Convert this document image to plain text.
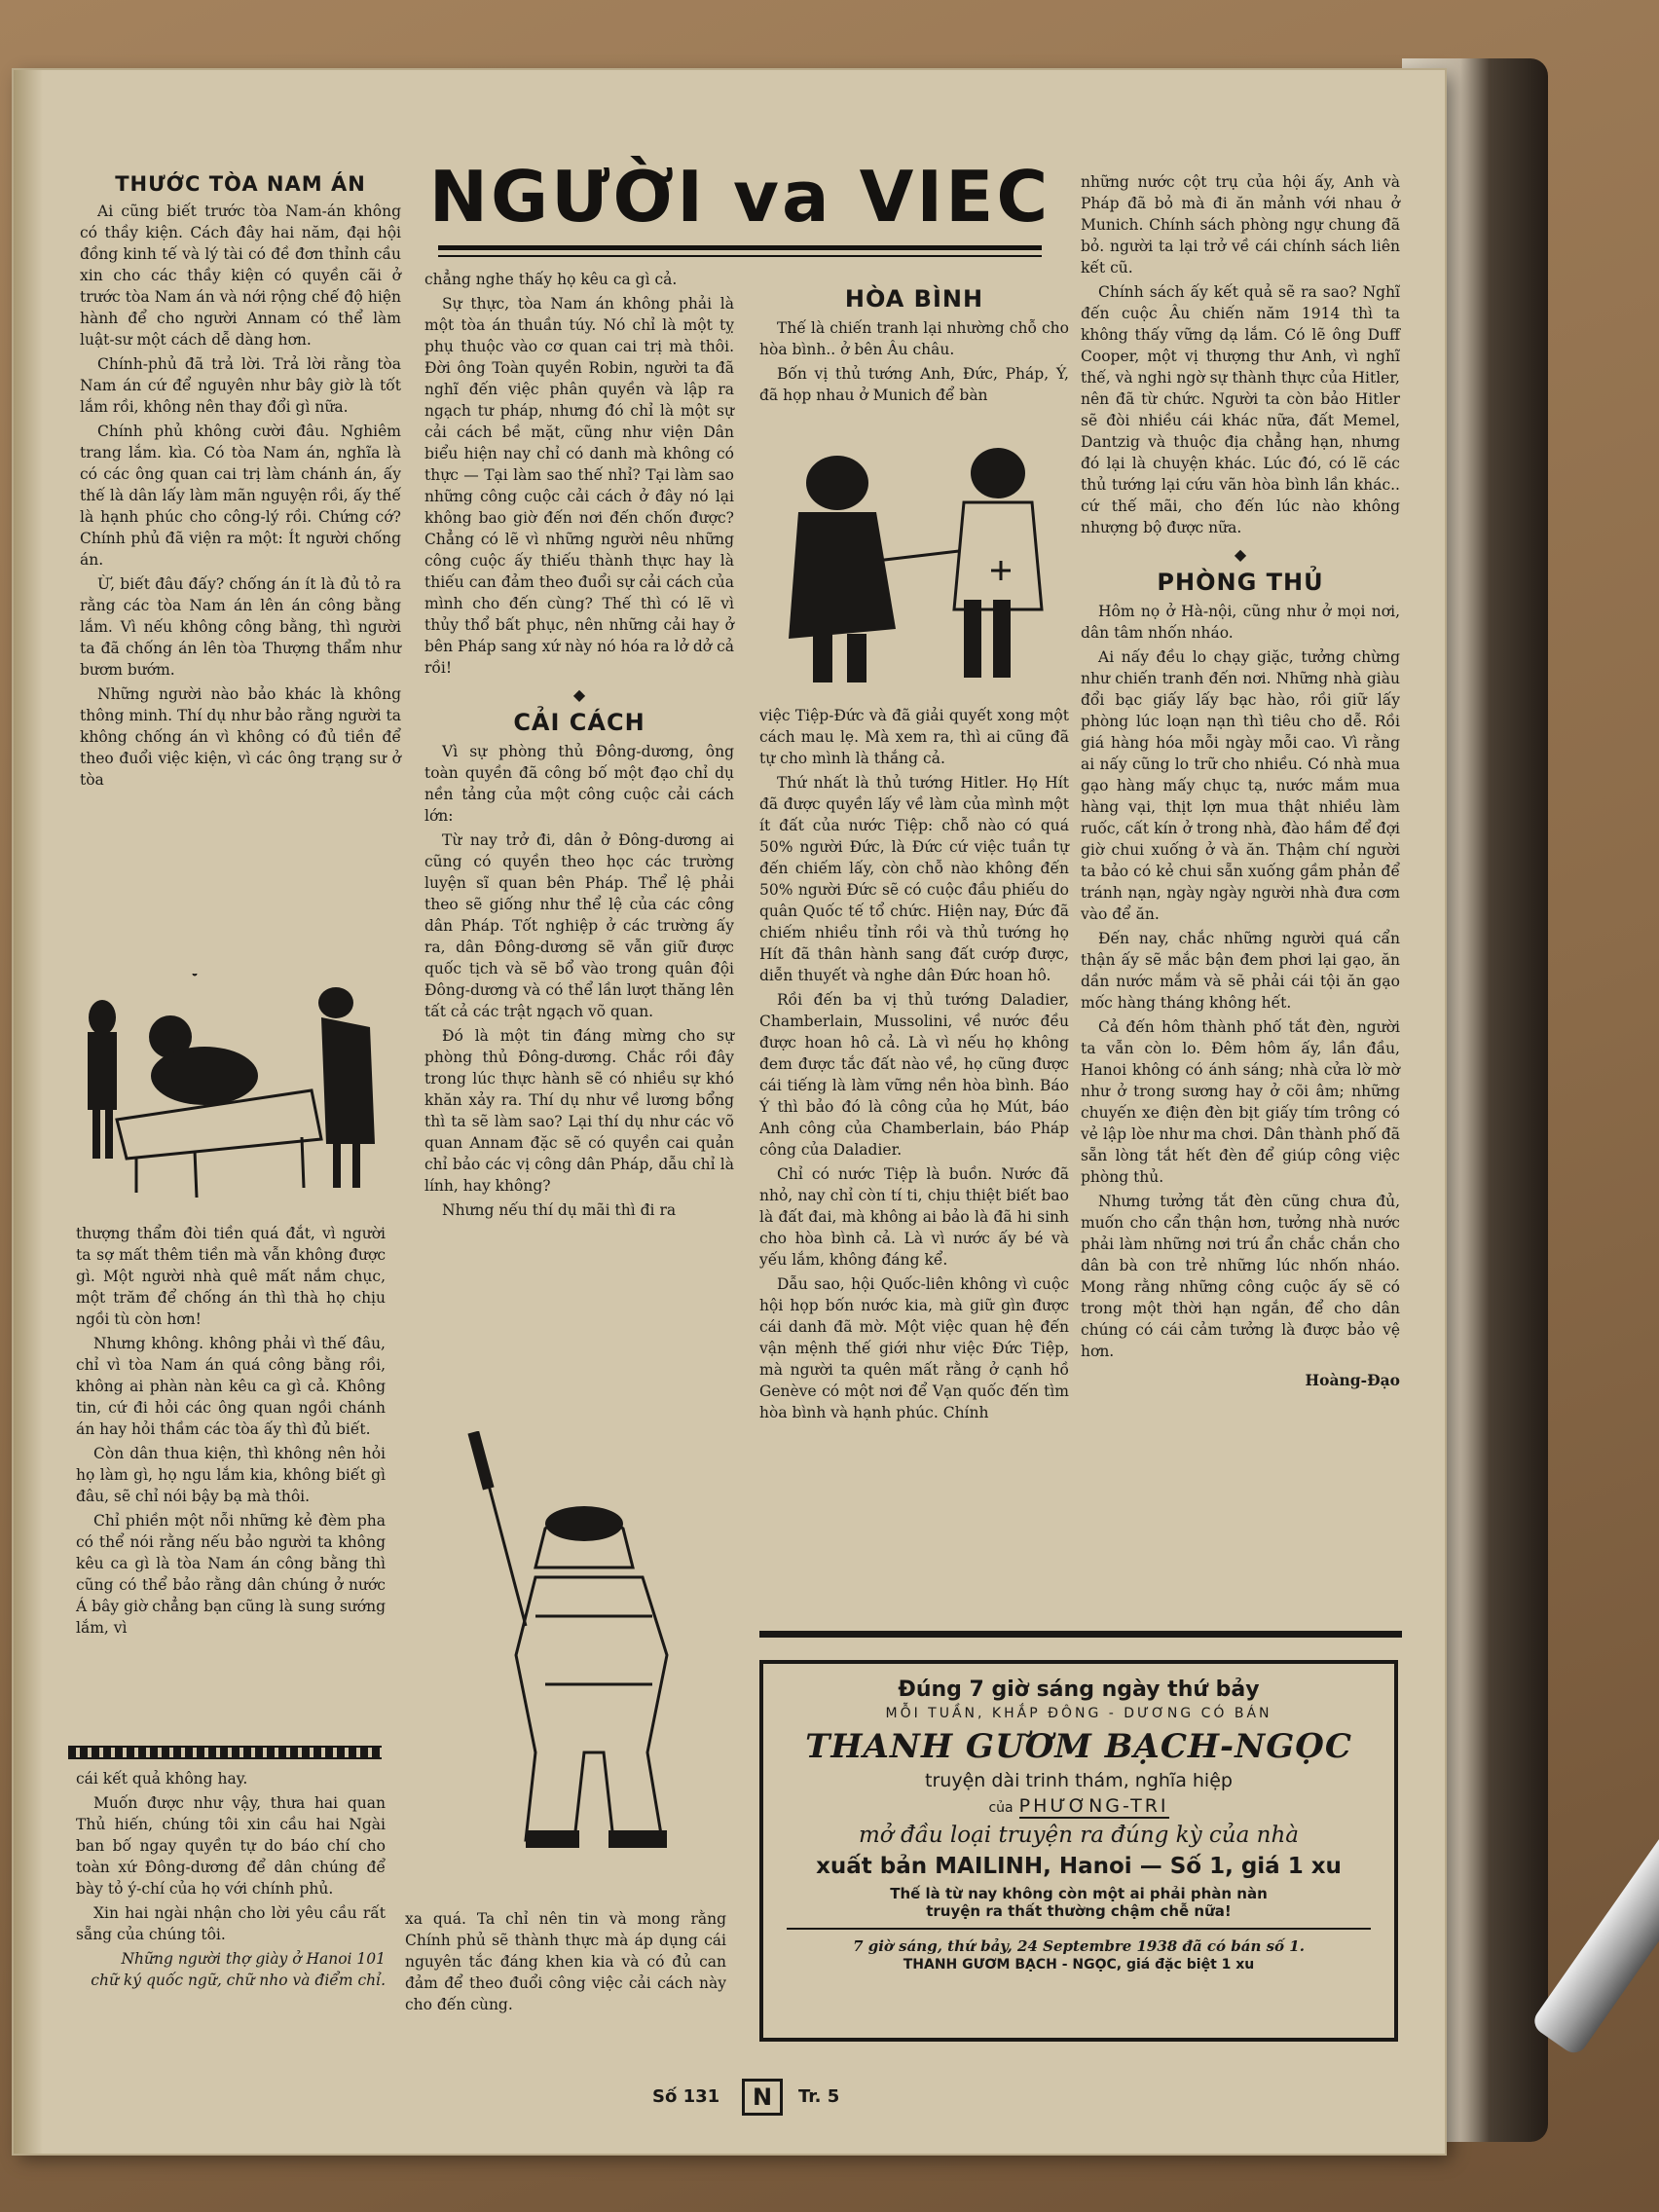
NGƯỜI va VIEC
THƯỚC TÒA NAM ÁN

Ai cũng biết trước tòa Nam-án không có thầy kiện. Cách đây hai năm, đại hội đồng kinh tế và lý tài có đề đơn thỉnh cầu xin cho các thầy kiện có quyền cãi ở trước tòa Nam án và nới rộng chế độ hiện hành để cho người Annam có thể làm luật-sư một cách dễ dàng hơn.

Chính-phủ đã trả lời. Trả lời rằng tòa Nam án cứ để nguyên như bây giờ là tốt lắm rồi, không nên thay đổi gì nữa.

Chính phủ không cười đâu. Nghiêm trang lắm. kìa. Có tòa Nam án, nghĩa là có các ông quan cai trị làm chánh án, ấy thế là dân lấy làm mãn nguyện rồi, ấy thế là hạnh phúc cho công-lý rồi. Chứng cớ? Chính phủ đã viện ra một: Ít người chống án.

Ừ, biết đâu đấy? chống án ít là đủ tỏ ra rằng các tòa Nam án lên án công bằng lắm. Vì nếu không công bằng, thì người ta đã chống án lên tòa Thượng thẩm như bươm bướm.

Những người nào bảo khác là không thông minh. Thí dụ như bảo rằng người ta không chống án vì không có đủ tiền để theo đuổi việc kiện, vì các ông trạng sư ở tòa

thượng thẩm đòi tiền quá đắt, vì người ta sợ mất thêm tiền mà vẫn không được gì. Một người nhà quê mất nắm chục, một trăm để chống án thì thà họ chịu ngồi tù còn hơn!

Nhưng không. không phải vì thế đâu, chỉ vì tòa Nam án quá công bằng rồi, không ai phàn nàn kêu ca gì cả. Không tin, cứ đi hỏi các ông quan ngồi chánh án hay hỏi thầm các tòa ấy thì đủ biết.

Còn dân thua kiện, thì không nên hỏi họ làm gì, họ ngu lắm kia, không biết gì đâu, sẽ chỉ nói bậy bạ mà thôi.

Chỉ phiền một nỗi những kẻ đèm pha có thể nói rằng nếu bảo người ta không kêu ca gì là tòa Nam án công bằng thì cũng có thể bảo rằng dân chúng ở nước Á bây giờ chẳng bạn cũng là sung sướng lắm, vì

cái kết quả không hay.

Muốn được như vậy, thưa hai quan Thủ hiến, chúng tôi xin cầu hai Ngài ban bố ngay quyền tự do báo chí cho toàn xứ Đông-dương để dân chúng để bày tỏ ý-chí của họ với chính phủ.

Xin hai ngài nhận cho lời yêu cầu rất sẵng của chúng tôi.

Những người thợ giày ở Hanoi 101 chữ ký quốc ngữ, chữ nho và điểm chỉ.

chẳng nghe thấy họ kêu ca gì cả.

Sự thực, tòa Nam án không phải là một tòa án thuần túy. Nó chỉ là một tỵ phụ thuộc vào cơ quan cai trị mà thôi. Đời ông Toàn quyền Robin, người ta đã nghĩ đến việc phân quyền và lập ra ngạch tư pháp, nhưng đó chỉ là một sự cải cách bề mặt, cũng như viện Dân biểu hiện nay chỉ có danh mà không có thực — Tại làm sao thế nhỉ? Tại làm sao những công cuộc cải cách ở đây nó lại không bao giờ đến nơi đến chốn được? Chẳng có lẽ vì những người nêu những công cuộc ấy thiếu thành thực hay là thiếu can đảm theo đuổi sự cải cách của mình cho đến cùng? Thế thì có lẽ vì thủy thổ bất phục, nên những cải hay ở bên Pháp sang xứ này nó hóa ra lở dở cả rồi!

◆
CẢI CÁCH

Vì sự phòng thủ Đông-dương, ông toàn quyền đã công bố một đạo chỉ dụ nền tảng của một công cuộc cải cách lớn:

Từ nay trở đi, dân ở Đông-dương ai cũng có quyền theo học các trường luyện sĩ quan bên Pháp. Thể lệ phải theo sẽ giống như thể lệ của các công dân Pháp. Tốt nghiệp ở các trường ấy ra, dân Đông-dương sẽ vẫn giữ được quốc tịch và sẽ bổ vào trong quân đội Đông-dương và có thể lần lượt thăng lên tất cả các trật ngạch võ quan.

Đó là một tin đáng mừng cho sự phòng thủ Đông-dương. Chắc rồi đây trong lúc thực hành sẽ có nhiều sự khó khăn xảy ra. Thí dụ như về lương bổng thì ta sẽ làm sao? Lại thí dụ như các võ quan Annam đặc sẽ có quyền cai quản chỉ bảo các vị công dân Pháp, dẫu chỉ là lính, hay không?

Nhưng nếu thí dụ mãi thì đi ra

xa quá. Ta chỉ nên tin và mong rằng Chính phủ sẽ thành thực mà áp dụng cái nguyên tắc đáng khen kia và có đủ can đảm để theo đuổi công việc cải cách này cho đến cùng.

HÒA BÌNH

Thế là chiến tranh lại nhường chỗ cho hòa bình.. ở bên Âu châu.

Bốn vị thủ tướng Anh, Đức, Pháp, Ý, đã họp nhau ở Munich để bàn

việc Tiệp-Đức và đã giải quyết xong một cách mau lẹ. Mà xem ra, thì ai cũng đã tự cho mình là thắng cả.

Thứ nhất là thủ tướng Hitler. Họ Hít đã được quyền lấy về làm của mình một ít đất của nước Tiệp: chỗ nào có quá 50% người Đức, là Đức cứ việc tuần tự đến chiếm lấy, còn chỗ nào không đến 50% người Đức sẽ có cuộc đầu phiếu do quân Quốc tế tổ chức. Hiện nay, Đức đã chiếm nhiều tỉnh rồi và thủ tướng họ Hít đã thân hành sang đất cướp được, diễn thuyết và nghe dân Đức hoan hô.

Rồi đến ba vị thủ tướng Daladier, Chamberlain, Mussolini, về nước đều được hoan hô cả. Là vì nếu họ không đem được tắc đất nào về, họ cũng được cái tiếng là làm vững nền hòa bình. Báo Ý thì bảo đó là công của họ Mút, báo Anh công của Chamberlain, báo Pháp công của Daladier.

Chỉ có nước Tiệp là buồn. Nước đã nhỏ, nay chỉ còn tí ti, chịu thiệt biết bao là đất đai, mà không ai bảo là đã hi sinh cho hòa bình cả. Là vì nước ấy bé và yếu lắm, không đáng kể.

Dẫu sao, hội Quốc-liên không vì cuộc hội họp bốn nước kia, mà giữ gìn được cái danh đã mờ. Một việc quan hệ đến vận mệnh thế giới như việc Đức Tiệp, mà người ta quên mất rằng ở cạnh hồ Genève có một nơi để Vạn quốc đến tìm hòa bình và hạnh phúc. Chính

những nước cột trụ của hội ấy, Anh và Pháp đã bỏ mà đi ăn mảnh với nhau ở Munich. Chính sách phòng ngự chung đã bỏ. người ta lại trở về cái chính sách liên kết cũ.

Chính sách ấy kết quả sẽ ra sao? Nghĩ đến cuộc Âu chiến năm 1914 thì ta không thấy vững dạ lắm. Có lẽ ông Duff Cooper, một vị thượng thư Anh, vì nghĩ thế, và nghi ngờ sự thành thực của Hitler, nên đã từ chức. Người ta còn bảo Hitler sẽ đòi nhiều cái khác nữa, đất Memel, Dantzig và thuộc địa chẳng hạn, nhưng đó lại là chuyện khác. Lúc đó, có lẽ các thủ tướng lại cứu vãn hòa bình lần khác.. cứ thế mãi, cho đến lúc nào không nhượng bộ được nữa.

◆
PHÒNG THỦ

Hôm nọ ở Hà-nội, cũng như ở mọi nơi, dân tâm nhốn nháo.

Ai nấy đều lo chạy giặc, tưởng chừng như chiến tranh đến nơi. Những nhà giàu đổi bạc giấy lấy bạc hào, rồi giữ lấy phòng lúc loạn nạn thì tiêu cho dễ. Rồi giá hàng hóa mỗi ngày mỗi cao. Vì rằng ai nấy cũng lo trữ cho nhiều. Có nhà mua gạo hàng mấy chục tạ, nước mắm mua hàng vại, thịt lợn mua thật nhiều làm ruốc, cất kín ở trong nhà, đào hầm để đợi giờ chui xuống ở và ăn. Thậm chí người ta bảo có kẻ chui sẵn xuống gầm phản để tránh nạn, ngày ngày người nhà đưa cơm vào để ăn.

Đến nay, chắc những người quá cẩn thận ấy sẽ mắc bận đem phơi lại gạo, ăn dần nước mắm và sẽ phải cái tội ăn gạo mốc hàng tháng không hết.

Cả đến hôm thành phố tắt đèn, người ta vẫn còn lo. Đêm hôm ấy, lần đầu, Hanoi không có ánh sáng; nhà cửa lờ mờ như ở trong sương hay ở cõi âm; những chuyến xe điện đèn bịt giấy tím trông có vẻ lập lòe như ma chơi. Dân thành phố đã sẵn lòng tắt hết đèn để giúp công việc phòng thủ.

Nhưng tưởng tắt đèn cũng chưa đủ, muốn cho cẩn thận hơn, tưởng nhà nước phải làm những nơi trú ẩn chắc chắn cho dân bà con trẻ những lúc nhốn nháo. Mong rằng những công cuộc ấy sẽ có trong một thời hạn ngắn, để cho dân chúng có cái cảm tưởng là được bảo vệ hơn.

Hoàng-Đạo
Đúng 7 giờ sáng ngày thứ bảy
MỖI TUẦN, KHẮP ĐÔNG - DƯƠNG CÓ BÁN
THANH GƯƠM BẠCH-NGỌC
truyện dài trinh thám, nghĩa hiệp
của PHƯƠNG-TRI
mở đầu loại truyện ra đúng kỳ của nhà
xuất bản MAILINH, Hanoi — Số 1, giá 1 xu
Thế là từ nay không còn một ai phải phàn nàn truyện ra thất thường chậm chễ nữa!
7 giờ sáng, thứ bảy, 24 Septembre 1938 đã có bán số 1.
THANH GƯƠM BẠCH - NGỌC, giá đặc biệt 1 xu
Số 131	N	Tr. 5
